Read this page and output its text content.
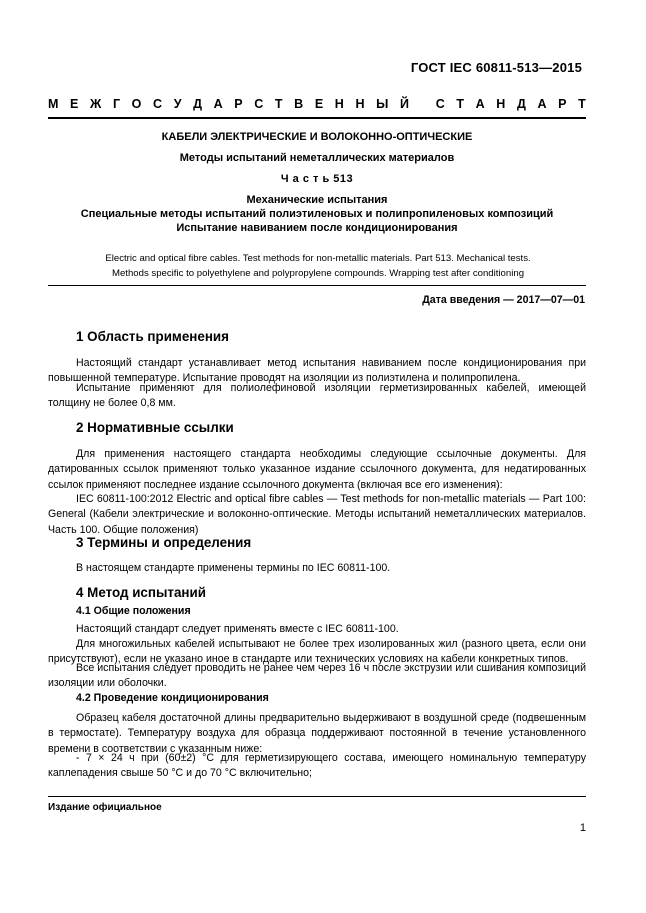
ГОСТ IEC 60811-513—2015
М Е Ж Г О С У Д А Р С Т В Е Н Н Ы Й
С Т А Н Д А Р Т
КАБЕЛИ ЭЛЕКТРИЧЕСКИЕ И ВОЛОКОННО-ОПТИЧЕСКИЕ
Методы испытаний неметаллических материалов
Ч а с т ь 513
Механические испытания
Специальные методы испытаний полиэтиленовых и полипропиленовых композиций
Испытание навиванием после кондиционирования
Electric and optical fibre cables. Test methods for non-metallic materials. Part 513. Mechanical tests.
Methods specific to polyethylene and polypropylene compounds. Wrapping test after conditioning
Дата введения — 2017—07—01
1 Область применения
Настоящий стандарт устанавливает метод испытания навиванием после кондиционирования при повышенной температуре. Испытание проводят на изоляции из полиэтилена и полипропилена.
Испытание применяют для полиолефиновой изоляции герметизированных кабелей, имеющей толщину не более 0,8 мм.
2 Нормативные ссылки
Для применения настоящего стандарта необходимы следующие ссылочные документы. Для датированных ссылок применяют только указанное издание ссылочного документа, для недатированных ссылок применяют последнее издание ссылочного документа (включая все его изменения):
IEC 60811-100:2012 Electric and optical fibre cables — Test methods for non-metallic materials — Part 100: General (Кабели электрические и волоконно-оптические. Методы испытаний неметаллических материалов. Часть 100. Общие положения)
3 Термины и определения
В настоящем стандарте применены термины по IEC 60811-100.
4 Метод испытаний
4.1 Общие положения
Настоящий стандарт следует применять вместе с IEC 60811-100.
Для многожильных кабелей испытывают не более трех изолированных жил (разного цвета, если они присутствуют), если не указано иное в стандарте или технических условиях на кабели конкретных типов.
Все испытания следует проводить не ранее чем через 16 ч после экструзии или сшивания композиций изоляции или оболочки.
4.2 Проведение кондиционирования
Образец кабеля достаточной длины предварительно выдерживают в воздушной среде (подвешенным в термостате). Температуру воздуха для образца поддерживают постоянной в течение установленного времени в соответствии с указанным ниже:
- 7 × 24 ч при (60±2) °С для герметизирующего состава, имеющего номинальную температуру каплепадения свыше 50 °С и до 70 °С включительно;
Издание официальное
1
